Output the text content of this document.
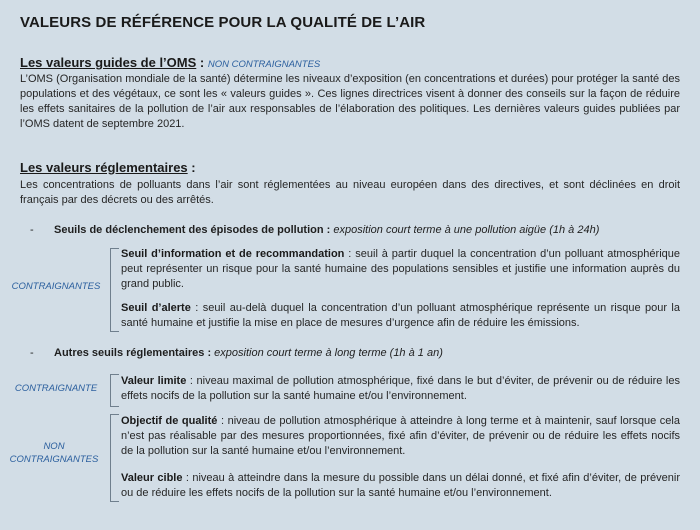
VALEURS DE RÉFÉRENCE POUR LA QUALITÉ DE L’AIR
Les valeurs guides de l’OMS : NON CONTRAIGNANTES
L’OMS (Organisation mondiale de la santé) détermine les niveaux d’exposition (en concentrations et durées) pour protéger la santé des populations et des végétaux, ce sont les « valeurs guides ». Ces lignes directrices visent à donner des conseils sur la façon de réduire les effets sanitaires de la pollution de l’air aux responsables de l’élaboration des politiques. Les dernières valeurs guides publiées par l’OMS datent de septembre 2021.
Les valeurs réglementaires :
Les concentrations de polluants dans l’air sont réglementées au niveau européen dans des directives, et sont déclinées en droit français par des décrets ou des arrêtés.
- Seuils de déclenchement des épisodes de pollution : exposition court terme à une pollution aigüe (1h à 24h)
CONTRAIGNANTES
Seuil d’information et de recommandation : seuil à partir duquel la concentration d’un polluant atmosphérique peut représenter un risque pour la santé humaine des populations sensibles et justifie une information auprès du grand public.
Seuil d’alerte : seuil au-delà duquel la concentration d’un polluant atmosphérique représente un risque pour la santé humaine et justifie la mise en place de mesures d’urgence afin de réduire les émissions.
- Autres seuils réglementaires : exposition court terme à long terme (1h à 1 an)
CONTRAIGNANTE
Valeur limite : niveau maximal de pollution atmosphérique, fixé dans le but d’éviter, de prévenir ou de réduire les effets nocifs de la pollution sur la santé humaine et/ou l’environnement.
NON
CONTRAIGNANTES
Objectif de qualité : niveau de pollution atmosphérique à atteindre à long terme et à maintenir, sauf lorsque cela n’est pas réalisable par des mesures proportionnées, fixé afin d’éviter, de prévenir ou de réduire les effets nocifs de la pollution sur la santé humaine et/ou l’environnement.
Valeur cible : niveau à atteindre dans la mesure du possible dans un délai donné, et fixé afin d’éviter, de prévenir ou de réduire les effets nocifs de la pollution sur la santé humaine et/ou l’environnement.
